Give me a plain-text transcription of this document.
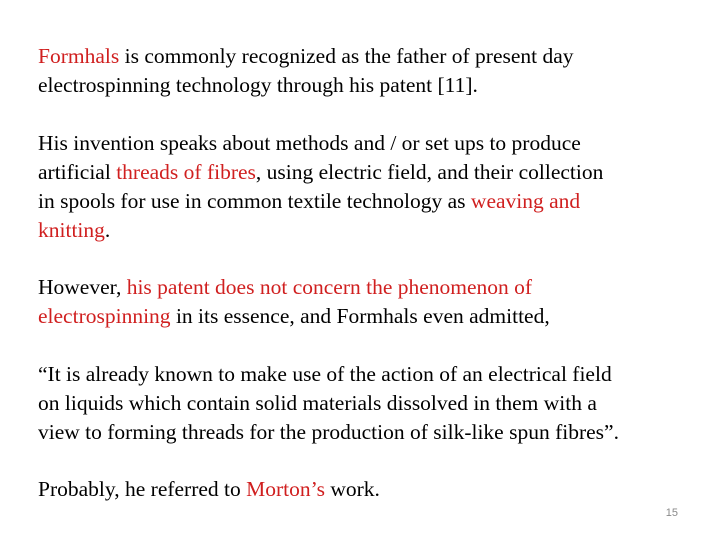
Formhals is commonly recognized as the father of present day
electrospinning technology through his patent [11].

His invention speaks about methods and / or set ups to produce
artificial threads of fibres, using electric field, and their collection
in spools for use in common textile technology as weaving and
knitting.

However, his patent does not concern the phenomenon of
electrospinning in its essence, and Formhals even admitted,

“It is already known to make use of the action of an electrical field
on liquids which contain solid materials dissolved in them with a
view to forming threads for the production of silk-like spun fibres”.

Probably, he referred to Morton’s work.

15
